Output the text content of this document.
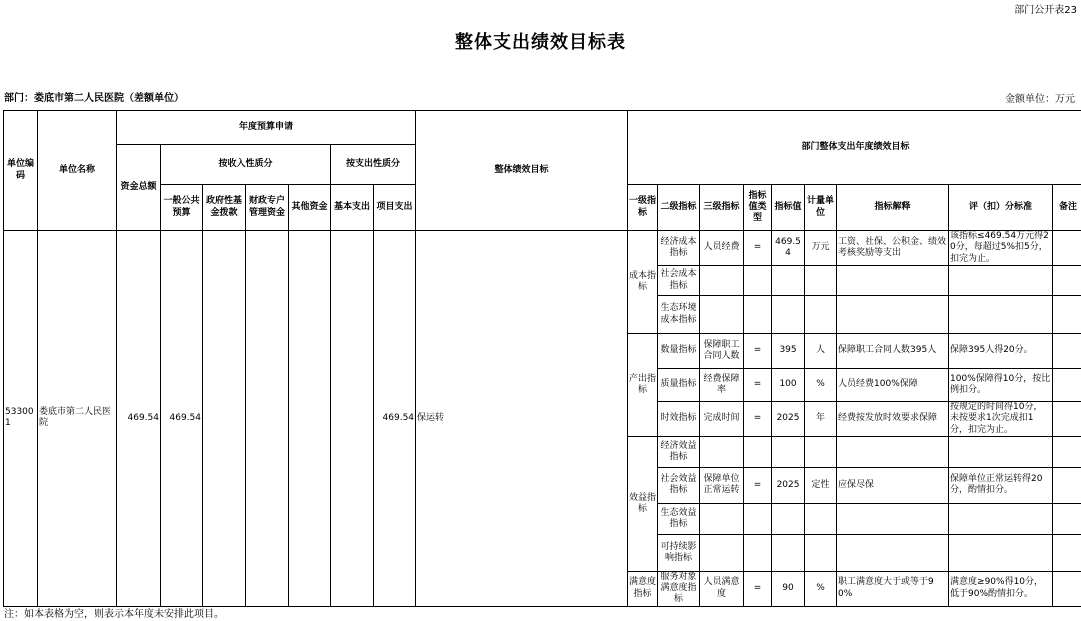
部门公开表23
整体支出绩效目标表
部门：娄底市第二人民医院（差额单位）	金额单位：万元
单位编码	单位名称	年度预算申请							整体绩效目标	部门整体支出年度绩效目标								
		资金总额	按收入性质分				按支出性质分											
			一般公共预算	政府性基金拨款	财政专户管理资金	其他资金	基本支出	项目支出		一级指标	二级指标	三级指标	指标值类型	指标值	计量单位	指标解释	评（扣）分标准	备注
533001	娄底市第二人民医院	469.54	469.54					469.54	保运转	成本指标	经济成本指标	人员经费	=	469.54	万元	工资、社保、公积金、绩效考核奖励等支出	该指标≤469.54万元得20分，每超过5%扣5分，扣完为止。	
											社会成本指标							
											生态环境成本指标							
										产出指标	数量指标	保障职工合同人数	=	395	人	保障职工合同人数395人	保障395人得20分。	
											质量指标	经费保障率	=	100	%	人员经费100%保障	100%保障得10分，按比例扣分。	
											时效指标	完成时间	=	2025	年	经费按发放时效要求保障	按规定的时间得10分，未按要求1次完成扣1分，扣完为止。	
										效益指标	经济效益指标							
											社会效益指标	保障单位正常运转	=	2025	定性	应保尽保	保障单位正常运转得20分，酌情扣分。	
											生态效益指标							
											可持续影响指标							
										满意度指标	服务对象满意度指标	人员满意度	=	90	%	职工满意度大于或等于90%	满意度≥90%得10分，低于90%酌情扣分。	
注：如本表格为空，则表示本年度未安排此项目。
